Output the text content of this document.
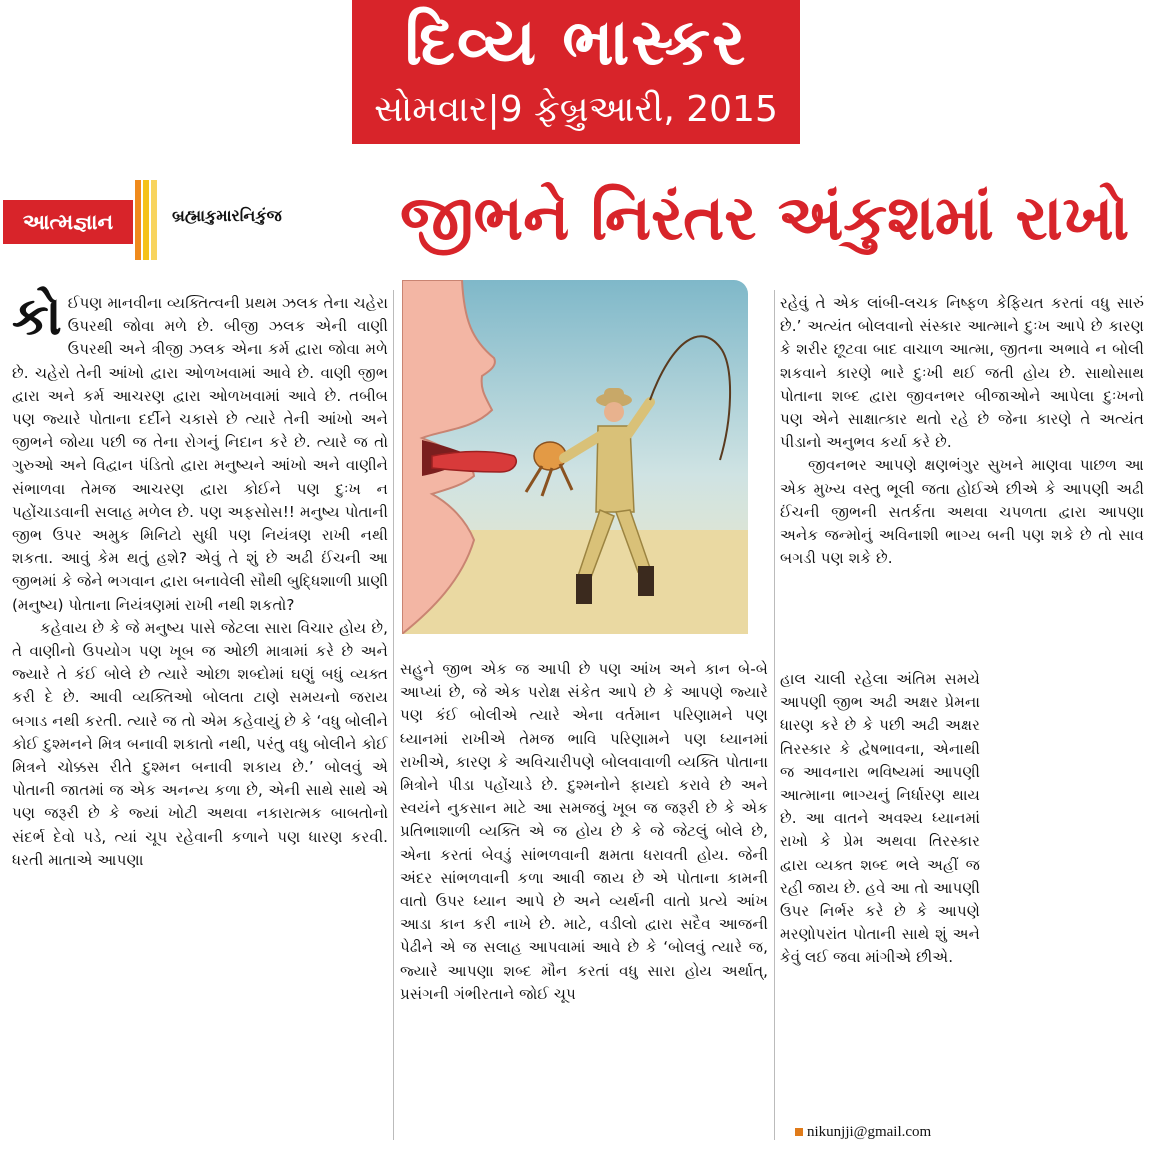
દિવ્ય ભાસ્કર
સોમવાર|9 ફેબ્રુઆરી, 2015
આત્મજ્ઞાન	બ્રહ્માકુમારનિકુંજ જીભને નિરંતર અંકુશમાં રાખો

કોઈપણ માનવીના વ્યક્તિત્વની પ્રથમ ઝલક તેના ચહેરા ઉપરથી જોવા મળે છે. બીજી ઝલક એની વાણી ઉપરથી અને ત્રીજી ઝલક એના કર્મ દ્વારા જોવા મળે છે. ચહેરો તેની આંખો દ્વારા ઓળખવામાં આવે છે. વાણી જીભ દ્વારા અને કર્મ આચરણ દ્વારા ઓળખવામાં આવે છે. તબીબ પણ જ્યારે પોતાના દર્દીને ચકાસે છે ત્યારે તેની આંખો અને જીભને જોયા પછી જ તેના રોગનું નિદાન કરે છે. ત્યારે જ તો ગુરુઓ અને વિદ્વાન પંડિતો દ્વારા મનુષ્યને આંખો અને વાણીને સંભાળવા તેમજ આચરણ દ્વારા કોઈને પણ દુઃખ ન પહોંચાડવાની સલાહ મળેલ છે. પણ અફસોસ!! મનુષ્ય પોતાની જીભ ઉપર અમુક મિનિટો સુધી પણ નિયંત્રણ રાખી નથી શકતા. આવું કેમ થતું હશે? એવું તે શું છે અઢી ઈંચની આ જીભમાં કે જેને ભગવાન દ્વારા બનાવેલી સૌથી બુદ્ધિશાળી પ્રાણી (મનુષ્ય) પોતાના નિયંત્રણમાં રાખી નથી શકતો?

કહેવાય છે કે જે મનુષ્ય પાસે જેટલા સારા વિચાર હોય છે, તે વાણીનો ઉપયોગ પણ ખૂબ જ ઓછી માત્રામાં કરે છે અને જ્યારે તે કંઈ બોલે છે ત્યારે ઓછા શબ્દોમાં ઘણું બધું વ્યક્ત કરી દે છે. આવી વ્યક્તિઓ બોલતા ટાણે સમયનો જરાય બગાડ નથી કરતી. ત્યારે જ તો એમ કહેવાયું છે કે ‘વધુ બોલીને કોઈ દુશ્મનને મિત્ર બનાવી શકાતો નથી, પરંતુ વધુ બોલીને કોઈ મિત્રને ચોક્કસ રીતે દુશ્મન બનાવી શકાય છે.’ બોલવું એ પોતાની જાતમાં જ એક અનન્ય કળા છે, એની સાથે સાથે એ પણ જરૂરી છે કે જ્યાં ખોટી અથવા નકારાત્મક બાબતોનો સંદર્ભ દેવો પડે, ત્યાં ચૂપ રહેવાની કળાને પણ ધારણ કરવી. ધરતી માતાએ આપણા

સહુને જીભ એક જ આપી છે પણ આંખ અને કાન બે-બે આપ્યાં છે, જે એક પરોક્ષ સંકેત આપે છે કે આપણે જ્યારે પણ કંઈ બોલીએ ત્યારે એના વર્તમાન પરિણામને પણ ધ્યાનમાં રાખીએ તેમજ ભાવિ પરિણામને પણ ધ્યાનમાં રાખીએ, કારણ કે અવિચારીપણે બોલવાવાળી વ્યક્તિ પોતાના મિત્રોને પીડા પહોંચાડે છે. દુશ્મનોને ફાયદો કરાવે છે અને સ્વયંને નુકસાન માટે આ સમજવું ખૂબ જ જરૂરી છે કે એક પ્રતિભાશાળી વ્યક્તિ એ જ હોય છે કે જે જેટલું બોલે છે, એના કરતાં બેવડું સાંભળવાની ક્ષમતા ધરાવતી હોય. જેની અંદર સાંભળવાની કળા આવી જાય છે એ પોતાના કામની વાતો ઉપર ધ્યાન આપે છે અને વ્યર્થની વાતો પ્રત્યે આંખ આડા કાન કરી નાખે છે. માટે, વડીલો દ્વારા સદૈવ આજની પેઢીને એ જ સલાહ આપવામાં આવે છે કે ‘બોલવું ત્યારે જ, જ્યારે આપણા શબ્દ મૌન કરતાં વધુ સારા હોય અર્થાત્, પ્રસંગની ગંભીરતાને જોઈ ચૂપ

રહેવું તે એક લાંબી-લચક નિષ્ફળ કેફિયત કરતાં વધુ સારું છે.’ અત્યંત બોલવાનો સંસ્કાર આત્માને દુઃખ આપે છે કારણ કે શરીર છૂટવા બાદ વાચાળ આત્મા, જીતના અભાવે ન બોલી શકવાને કારણે ભારે દુઃખી થઈ જતી હોય છે. સાથોસાથ પોતાના શબ્દ દ્વારા જીવનભર બીજાઓને આપેલા દુઃખનો પણ એને સાક્ષાત્કાર થતો રહે છે જેના કારણે તે અત્યંત પીડાનો અનુભવ કર્યા કરે છે.

જીવનભર આપણે ક્ષણભંગુર સુખને માણવા પાછળ આ એક મુખ્ય વસ્તુ ભૂલી જતા હોઈએ છીએ કે આપણી અઢી ઈંચની જીભની સતર્કતા અથવા ચપળતા દ્વારા આપણા અનેક જન્મોનું અવિનાશી ભાગ્ય બની પણ શકે છે તો સાવ બગડી પણ શકે છે.

હાલ ચાલી રહેલા અંતિમ સમયે આપણી જીભ અઢી અક્ષર પ્રેમના ધારણ કરે છે કે પછી અઢી અક્ષર તિરસ્કાર કે દ્વેષભાવના, એનાથી જ આવનારા ભવિષ્યમાં આપણી આત્માના ભાગ્યનું નિર્ધારણ થાય છે. આ વાતને અવશ્ય ધ્યાનમાં રાખો કે પ્રેમ અથવા તિરસ્કાર દ્વારા વ્યક્ત શબ્દ ભલે અહીં જ રહી જાય છે. હવે આ તો આપણી ઉપર નિર્ભર કરે છે કે આપણે મરણોપરાંત પોતાની સાથે શું અને કેવું લઈ જવા માંગીએ છીએ.

nikunjji@gmail.com
